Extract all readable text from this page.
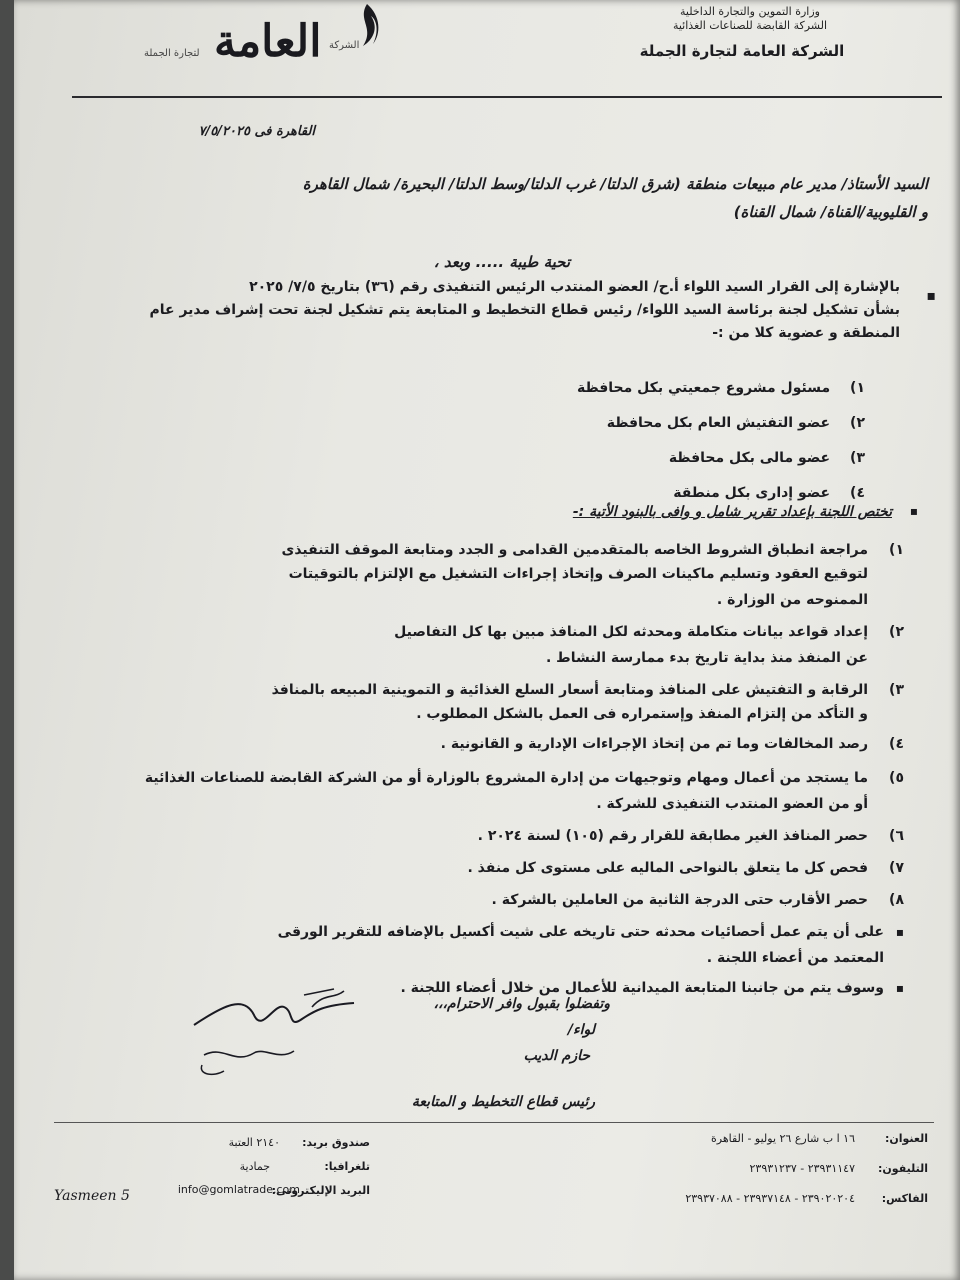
وزارة التموين والتجارة الداخلية
الشركة القابضة للصناعات الغذائية
الشركة العامة لتجارة الجملة
العامة
لتجارة الجملة
الشركة
القاهرة فى ٧/٥/٢٠٢٥
السيد الأستاذ/ مدير عام مبيعات منطقة (شرق الدلتا/ غرب الدلتا/وسط الدلتا/ البحيرة/ شمال القاهرة
و القليوبية/القناة/ شمال القناة)
تحية طيبة ..... وبعد ،
▪
بالإشارة إلى القرار السيد اللواء أ.ح/ العضو المنتدب الرئيس التنفيذى رقم (٣٦) بتاريخ ٧/٥/ ٢٠٢٥
بشأن تشكيل لجنة برئاسة السيد اللواء/ رئيس قطاع التخطيط و المتابعة يتم تشكيل لجنة تحت إشراف مدير عام
المنطقة و عضوية كلا من :-
١) مسئول مشروع جمعيتي بكل محافظة
٢) عضو التفتيش العام بكل محافظة
٣) عضو مالى بكل محافظة
٤) عضو إدارى بكل منطقة
▪
تختص اللجنة بإعداد تقرير شامل و وافى بالبنود الأتية :-
١)
مراجعة انطباق الشروط الخاصه بالمتقدمين القدامى و الجدد ومتابعة الموقف التنفيذى
لتوقيع العقود وتسليم ماكينات الصرف وإتخاذ إجراءات التشغيل مع الإلتزام بالتوقيتات
الممنوحه من الوزارة .
٢)
إعداد قواعد بيانات متكاملة ومحدثه لكل المنافذ مبين بها كل التفاصيل
عن المنفذ منذ بداية تاريخ بدء ممارسة النشاط .
٣)
الرقابة و التفتيش على المنافذ ومتابعة أسعار السلع الغذائية و التموينية المبيعه بالمنافذ
و التأكد من إلتزام المنفذ وإستمراره فى العمل بالشكل المطلوب .
٤)
رصد المخالفات وما تم من إتخاذ الإجراءات الإدارية و القانونية .
٥)
ما يستجد من أعمال ومهام وتوجيهات من إدارة المشروع بالوزارة أو من الشركة القابضة للصناعات الغذائية
أو من العضو المنتدب التنفيذى للشركة .
٦)
حصر المنافذ الغير مطابقة للقرار رقم (١٠٥) لسنة ٢٠٢٤ .
٧)
فحص كل ما يتعلق بالنواحى الماليه على مستوى كل منفذ .
٨)
حصر الأقارب حتى الدرجة الثانية من العاملين بالشركة .
▪
على أن يتم عمل أحصائيات محدثه حتى تاريخه على شيت أكسيل بالإضافه للتقرير الورقى
المعتمد من أعضاء اللجنة .
▪
وسوف يتم من جانبنا المتابعة الميدانية للأعمال من خلال أعضاء اللجنة .
وتفضلوا بقبول وافر الاحترام،،،
لواء/
حازم الديب
رئيس قطاع التخطيط و المتابعة
العنوان:
١٦ ا ب شارع ٢٦ يوليو - القاهرة
التليفون:
٢٣٩٣١١٤٧ - ٢٣٩٣١٢٣٧
الفاكس:
٢٣٩٠٢٠٢٠٤ - ٢٣٩٣٧١٤٨ - ٢٣٩٣٧٠٨٨
صندوق بريد:
٢١٤٠ العتبة
تلغرافيا:
جمادية
البريد الإليكترونى:
info@gomlatrade.com
Yasmeen 5
